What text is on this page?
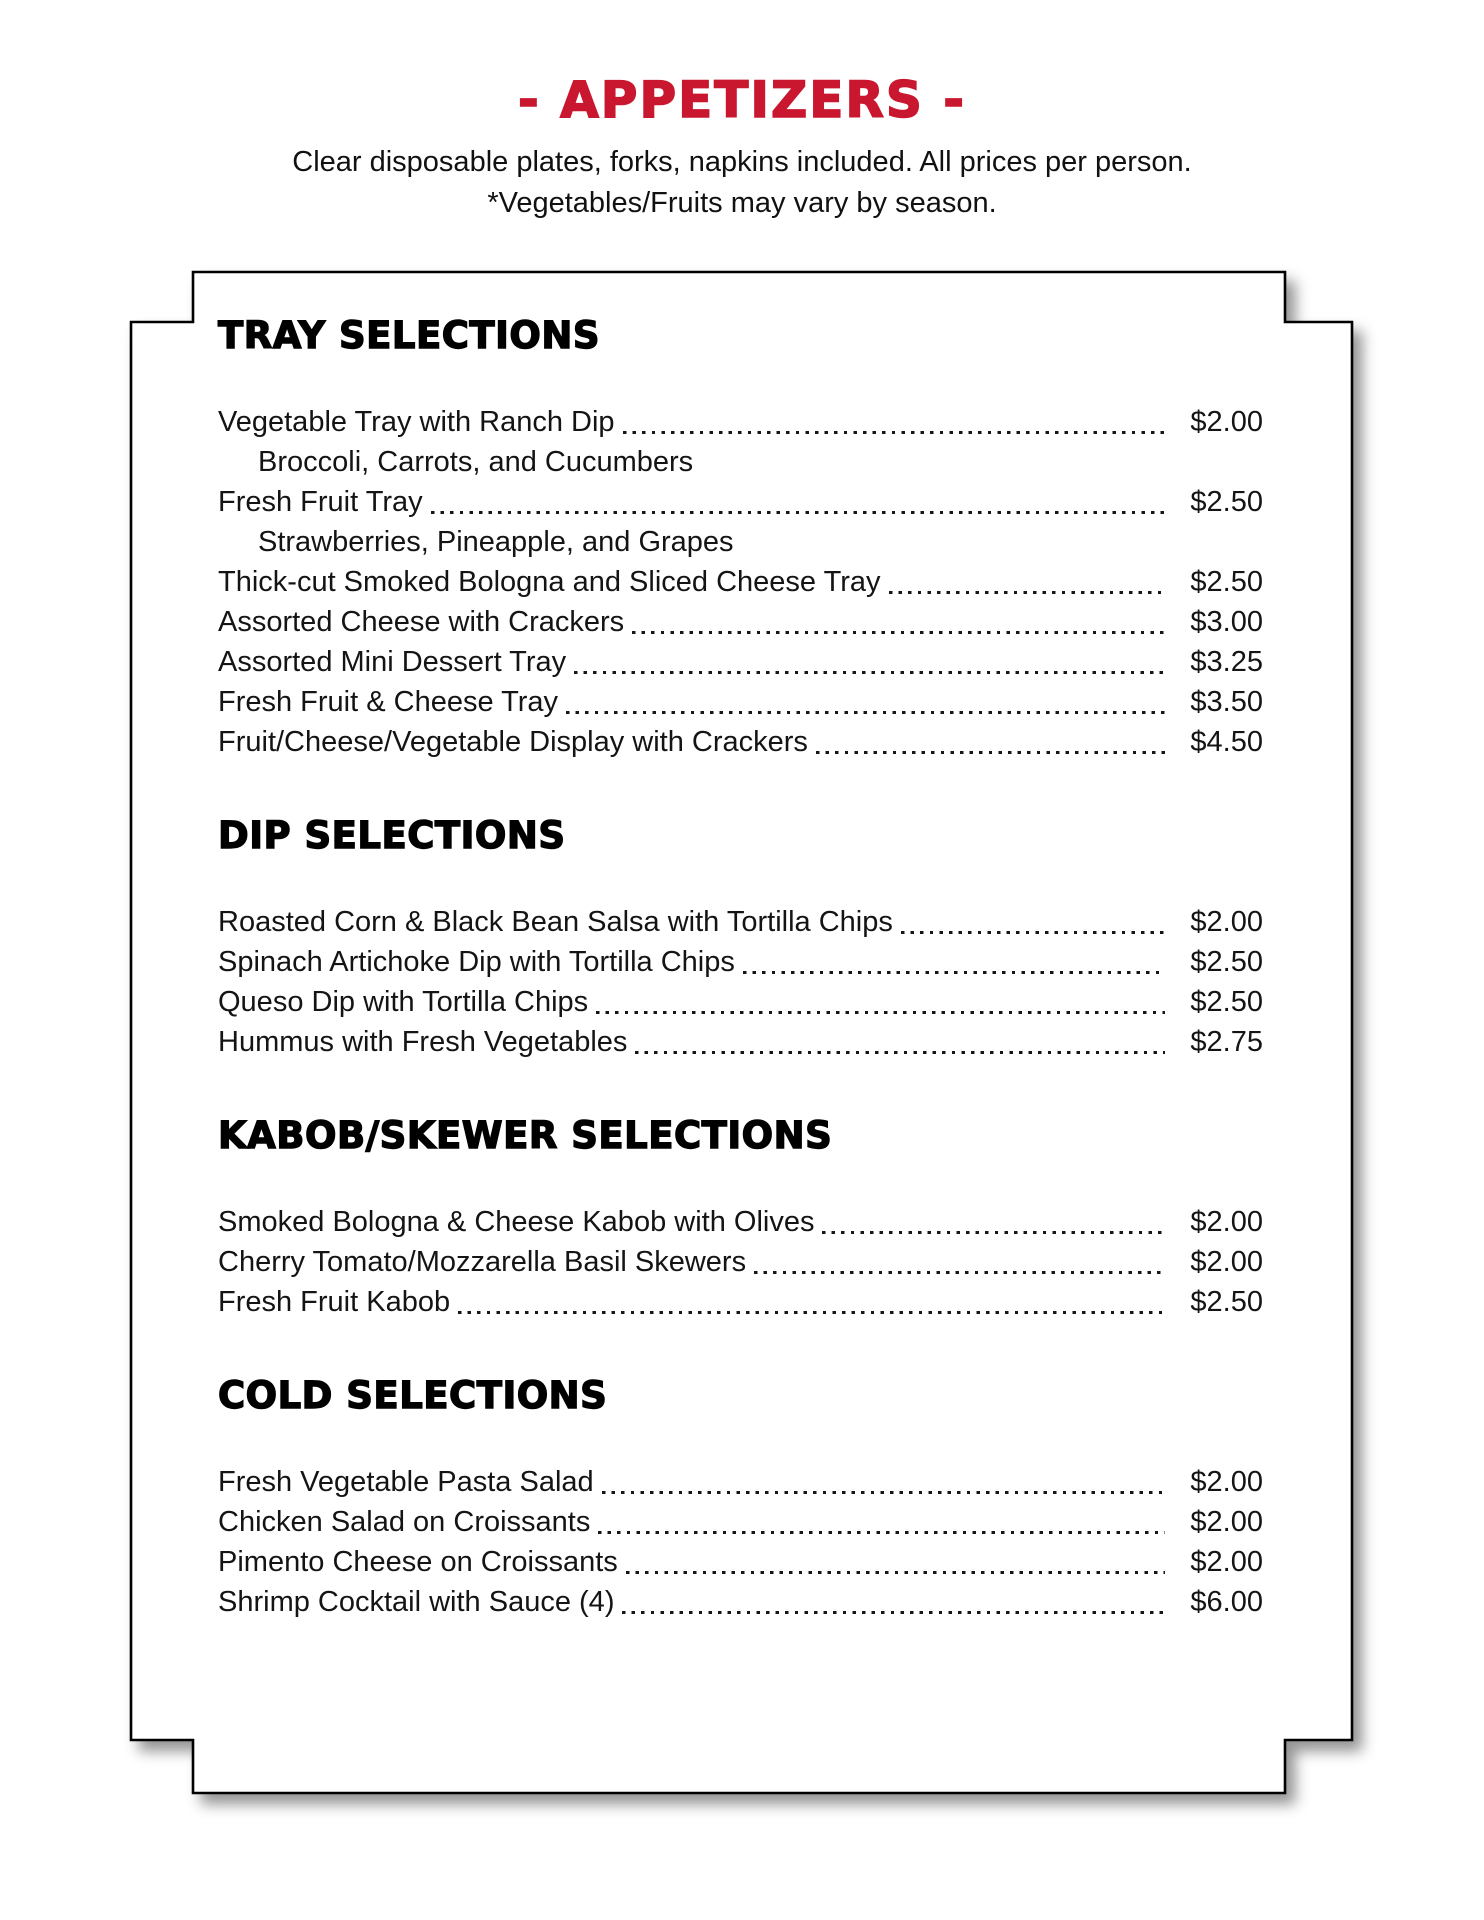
- APPETIZERS -

Clear disposable plates, forks, napkins included. All prices per person.
*Vegetables/Fruits may vary by season.

TRAY SELECTIONS
Vegetable Tray with Ranch Dip	$2.00
Broccoli, Carrots, and Cucumbers
Fresh Fruit Tray	$2.50
Strawberries, Pineapple, and Grapes
Thick-cut Smoked Bologna and Sliced Cheese Tray	$2.50
Assorted Cheese with Crackers	$3.00
Assorted Mini Dessert Tray	$3.25
Fresh Fruit & Cheese Tray	$3.50
Fruit/Cheese/Vegetable Display with Crackers	$4.50
DIP SELECTIONS
Roasted Corn & Black Bean Salsa with Tortilla Chips	$2.00
Spinach Artichoke Dip with Tortilla Chips	$2.50
Queso Dip with Tortilla Chips	$2.50
Hummus with Fresh Vegetables	$2.75
KABOB/SKEWER SELECTIONS
Smoked Bologna & Cheese Kabob with Olives	$2.00
Cherry Tomato/Mozzarella Basil Skewers	$2.00
Fresh Fruit Kabob	$2.50
COLD SELECTIONS
Fresh Vegetable Pasta Salad	$2.00
Chicken Salad on Croissants	$2.00
Pimento Cheese on Croissants	$2.00
Shrimp Cocktail with Sauce (4)	$6.00
